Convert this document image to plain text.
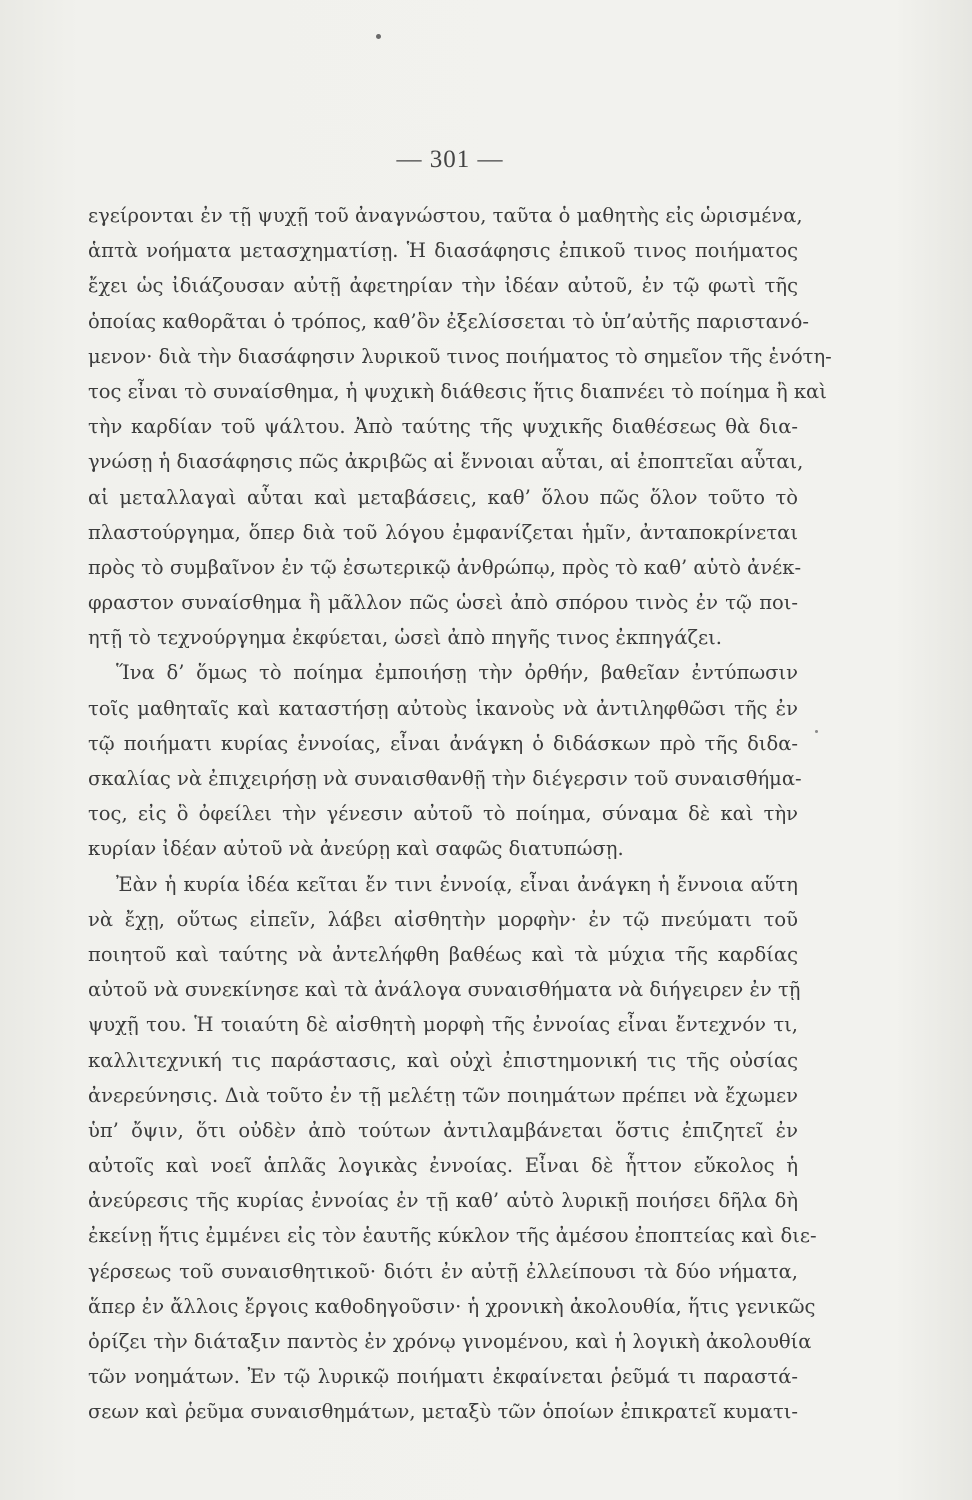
— 301 —
εγείρονται ἐν τῇ ψυχῇ τοῦ ἀναγνώστου, ταῦτα ὁ μαθητὴς εἰς ὡρισμένα,
ἁπτὰ νοήματα μετασχηματίσῃ. Ἡ διασάφησις ἐπικοῦ τινος ποιήματος
ἔχει ὡς ἰδιάζουσαν αὐτῇ ἀφετηρίαν τὴν ἰδέαν αὐτοῦ, ἐν τῷ φωτὶ τῆς
ὁποίας καθορᾶται ὁ τρόπος, καθ’ὃν ἐξελίσσεται τὸ ὑπ’αὐτῆς παριστανό-
μενον· διὰ τὴν διασάφησιν λυρικοῦ τινος ποιήματος τὸ σημεῖον τῆς ἑνότη-
τος εἶναι τὸ συναίσθημα, ἡ ψυχικὴ διάθεσις ἥτις διαπνέει τὸ ποίημα ἢ καὶ
τὴν καρδίαν τοῦ ψάλτου. Ἀπὸ ταύτης τῆς ψυχικῆς διαθέσεως θὰ δια-
γνώσῃ ἡ διασάφησις πῶς ἀκριβῶς αἱ ἔννοιαι αὗται, αἱ ἐποπτεῖαι αὗται,
αἱ μεταλλαγαὶ αὗται καὶ μεταβάσεις, καθ’ ὅλου πῶς ὅλον τοῦτο τὸ
πλαστούργημα, ὅπερ διὰ τοῦ λόγου ἐμφανίζεται ἡμῖν, ἀνταποκρίνεται
πρὸς τὸ συμβαῖνον ἐν τῷ ἐσωτερικῷ ἀνθρώπῳ, πρὸς τὸ καθ’ αὑτὸ ἀνέκ-
φραστον συναίσθημα ἢ μᾶλλον πῶς ὡσεὶ ἀπὸ σπόρου τινὸς ἐν τῷ ποι-
ητῇ τὸ τεχνούργημα ἐκφύεται, ὡσεὶ ἀπὸ πηγῆς τινος ἐκπηγάζει.
Ἵνα δ’ ὅμως τὸ ποίημα ἐμποιήσῃ τὴν ὀρθήν, βαθεῖαν ἐντύπωσιν
τοῖς μαθηταῖς καὶ καταστήσῃ αὐτοὺς ἱκανοὺς νὰ ἀντιληφθῶσι τῆς ἐν
τῷ ποιήματι κυρίας ἐννοίας, εἶναι ἀνάγκη ὁ διδάσκων πρὸ τῆς διδα-
σκαλίας νὰ ἐπιχειρήσῃ νὰ συναισθανθῇ τὴν διέγερσιν τοῦ συναισθήμα-
τος, εἰς ὃ ὀφείλει τὴν γένεσιν αὐτοῦ τὸ ποίημα, σύναμα δὲ καὶ τὴν
κυρίαν ἰδέαν αὐτοῦ νὰ ἀνεύρῃ καὶ σαφῶς διατυπώσῃ.
Ἐὰν ἡ κυρία ἰδέα κεῖται ἔν τινι ἐννοίᾳ, εἶναι ἀνάγκη ἡ ἔννοια αὕτη
νὰ ἔχῃ, οὕτως εἰπεῖν, λάβει αἰσθητὴν μορφὴν· ἐν τῷ πνεύματι τοῦ
ποιητοῦ καὶ ταύτης νὰ ἀντελήφθη βαθέως καὶ τὰ μύχια τῆς καρδίας
αὐτοῦ νὰ συνεκίνησε καὶ τὰ ἀνάλογα συναισθήματα νὰ διήγειρεν ἐν τῇ
ψυχῇ του. Ἡ τοιαύτη δὲ αἰσθητὴ μορφὴ τῆς ἐννοίας εἶναι ἔντεχνόν τι,
καλλιτεχνική τις παράστασις, καὶ οὐχὶ ἐπιστημονική τις τῆς οὐσίας
ἀνερεύνησις. Διὰ τοῦτο ἐν τῇ μελέτῃ τῶν ποιημάτων πρέπει νὰ ἔχωμεν
ὑπ’ ὄψιν, ὅτι οὐδὲν ἀπὸ τούτων ἀντιλαμβάνεται ὅστις ἐπιζητεῖ ἐν
αὐτοῖς καὶ νοεῖ ἁπλᾶς λογικὰς ἐννοίας. Εἶναι δὲ ἧττον εὔκολος ἡ
ἀνεύρεσις τῆς κυρίας ἐννοίας ἐν τῇ καθ’ αὑτὸ λυρικῇ ποιήσει δῆλα δὴ
ἐκείνῃ ἥτις ἐμμένει εἰς τὸν ἑαυτῆς κύκλον τῆς ἀμέσου ἐποπτείας καὶ διε-
γέρσεως τοῦ συναισθητικοῦ· διότι ἐν αὐτῇ ἐλλείπουσι τὰ δύο νήματα,
ἅπερ ἐν ἄλλοις ἔργοις καθοδηγοῦσιν· ἡ χρονικὴ ἀκολουθία, ἥτις γενικῶς
ὁρίζει τὴν διάταξιν παντὸς ἐν χρόνῳ γινομένου, καὶ ἡ λογικὴ ἀκολουθία
τῶν νοημάτων. Ἐν τῷ λυρικῷ ποιήματι ἐκφαίνεται ῥεῦμά τι παραστά-
σεων καὶ ῥεῦμα συναισθημάτων, μεταξὺ τῶν ὁποίων ἐπικρατεῖ κυματι-
